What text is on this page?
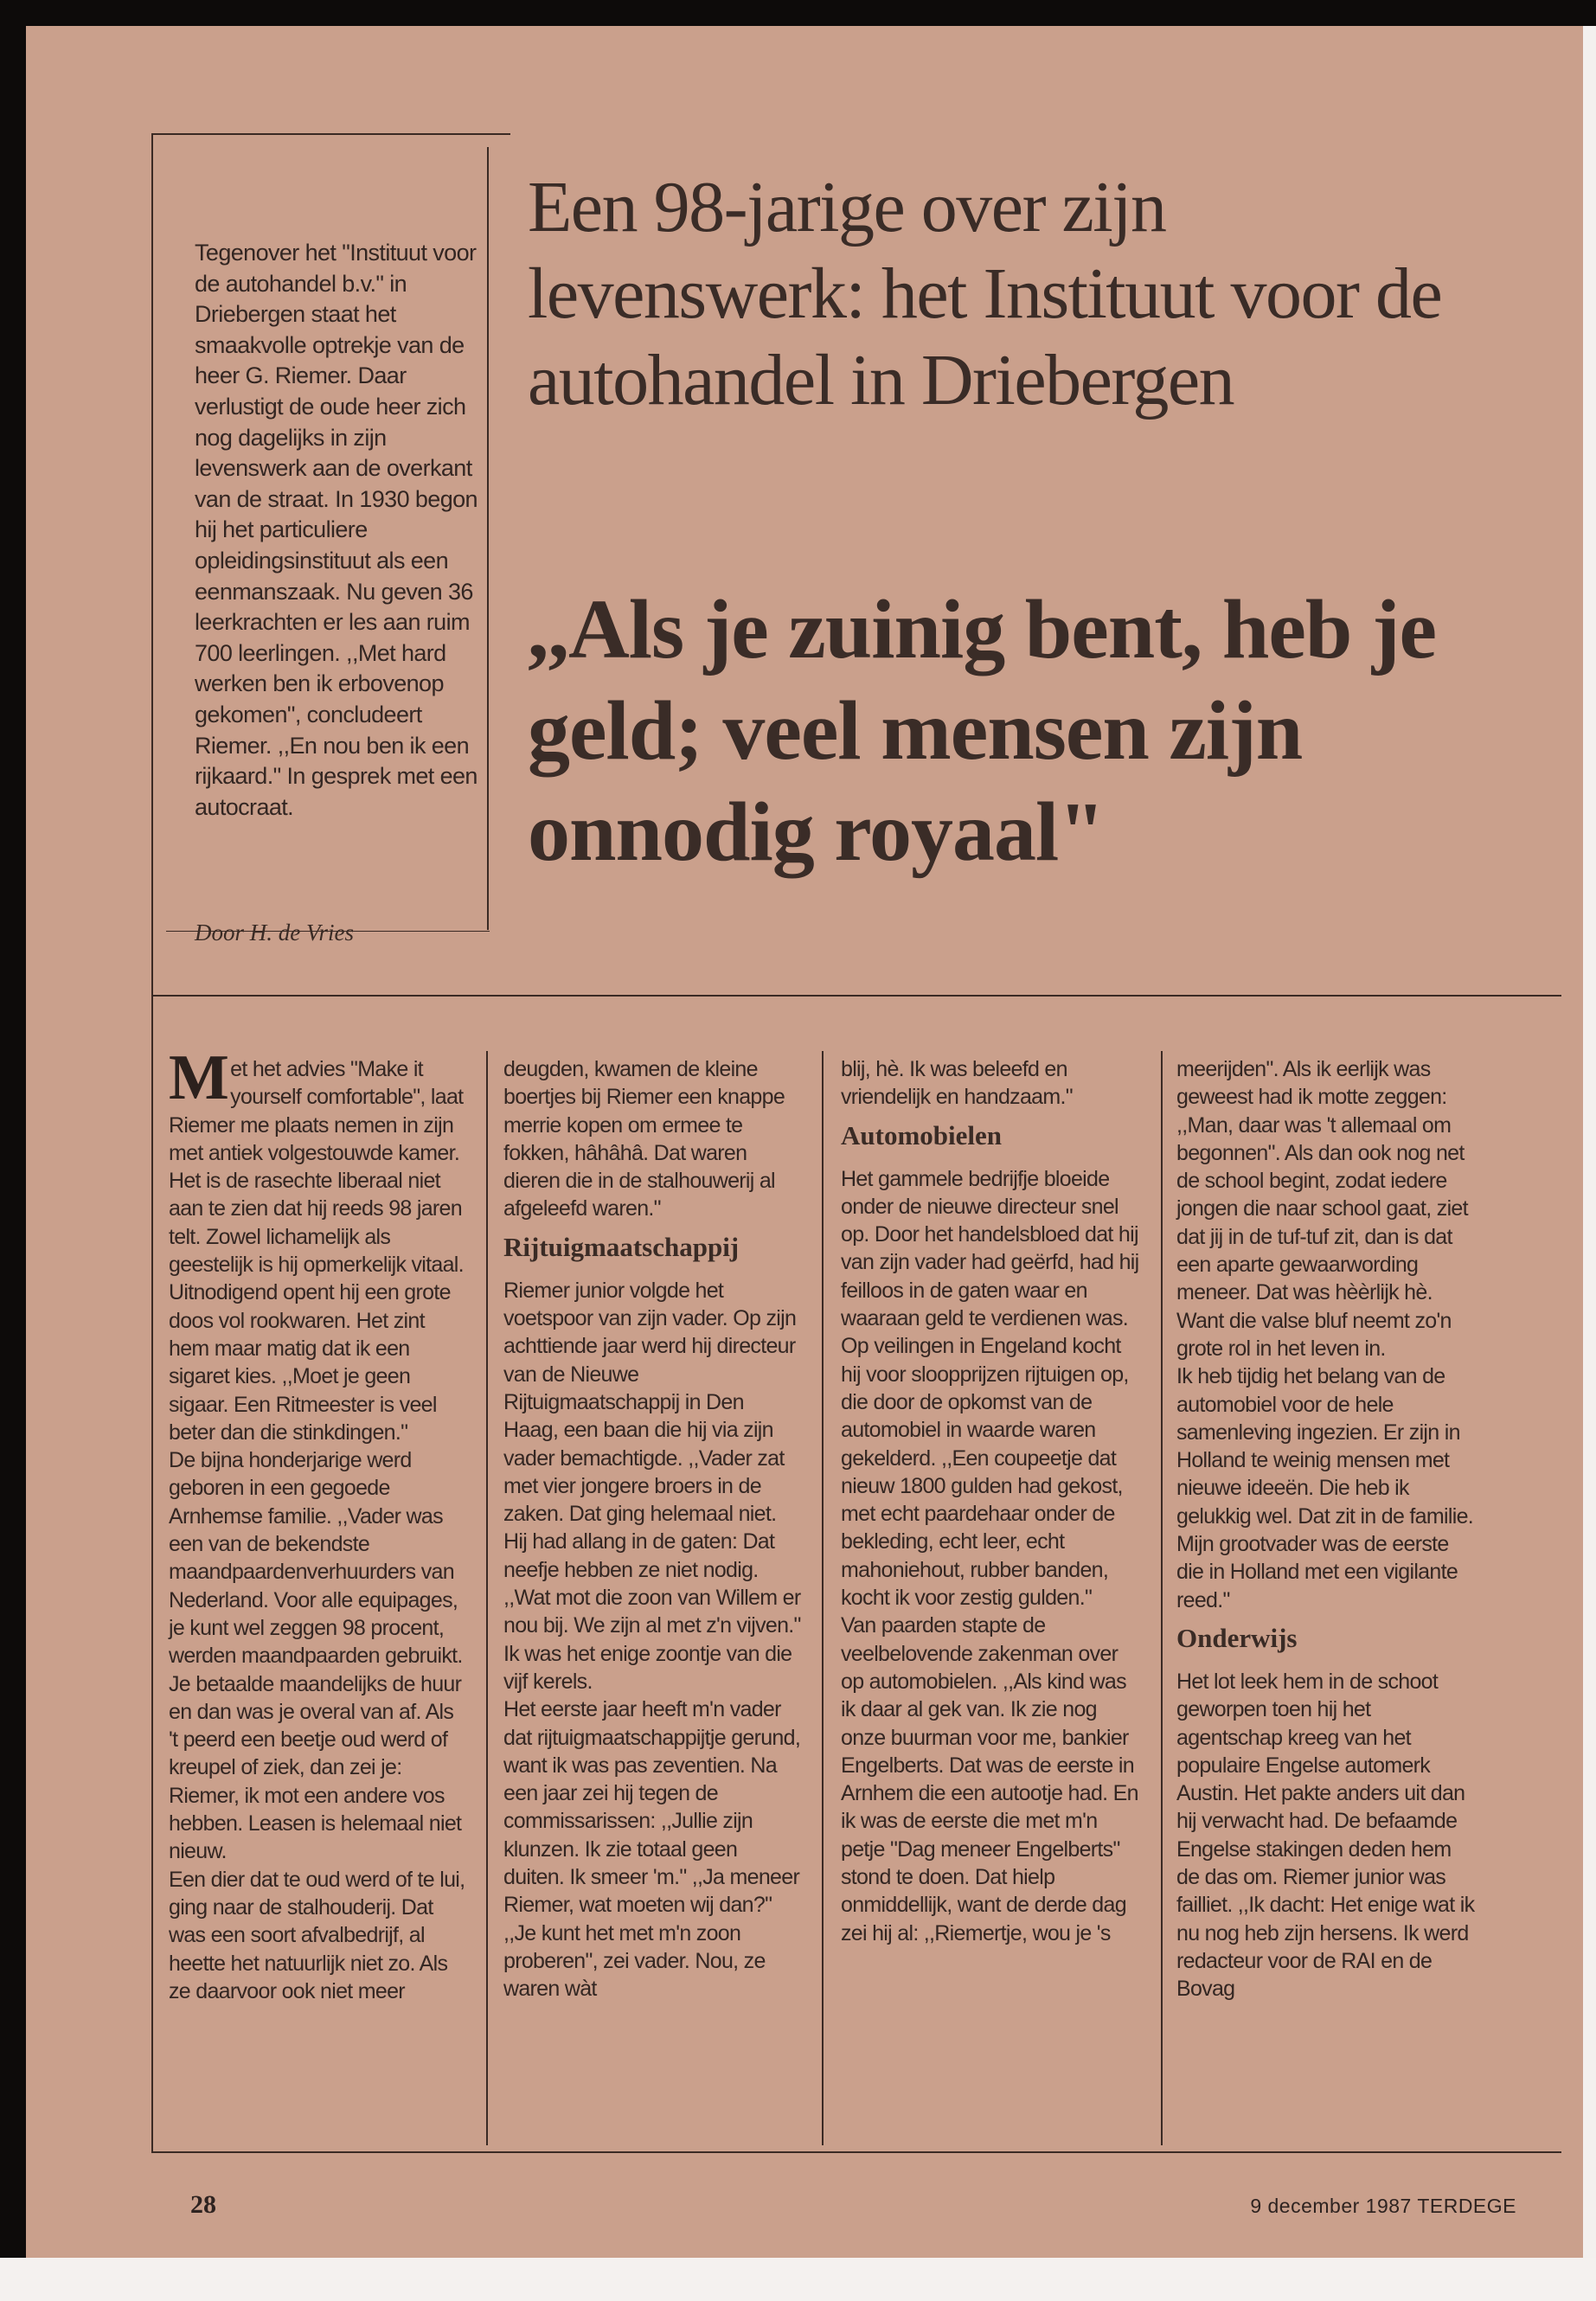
Tegenover het "Instituut voor de autohandel b.v." in Driebergen staat het smaakvolle optrekje van de heer G. Riemer. Daar verlustigt de oude heer zich nog dagelijks in zijn levenswerk aan de overkant van de straat. In 1930 begon hij het particuliere opleidingsinstituut als een eenmanszaak. Nu geven 36 leerkrachten er les aan ruim 700 leerlingen. ,,Met hard werken ben ik erbovenop gekomen", concludeert Riemer. ,,En nou ben ik een rijkaard." In gesprek met een autocraat.

Door H. de Vries
Een 98-jarige over zijn levenswerk: het Instituut voor de autohandel in Driebergen
,,Als je zuinig bent, heb je geld; veel mensen zijn onnodig royaal"

Met het advies "Make it yourself comfortable", laat Riemer me plaats nemen in zijn met antiek volgestouwde kamer. Het is de rasechte liberaal niet aan te zien dat hij reeds 98 jaren telt. Zowel lichamelijk als geestelijk is hij opmerkelijk vitaal. Uitnodigend opent hij een grote doos vol rookwaren. Het zint hem maar matig dat ik een sigaret kies. ,,Moet je geen sigaar. Een Ritmeester is veel beter dan die stinkdingen."

De bijna honderjarige werd geboren in een gegoede Arnhemse familie. ,,Vader was een van de bekendste maandpaardenverhuurders van Nederland. Voor alle equipages, je kunt wel zeggen 98 procent, werden maandpaarden gebruikt. Je betaalde maandelijks de huur en dan was je overal van af. Als 't peerd een beetje oud werd of kreupel of ziek, dan zei je: Riemer, ik mot een andere vos hebben. Leasen is helemaal niet nieuw.

Een dier dat te oud werd of te lui, ging naar de stalhouderij. Dat was een soort afvalbedrijf, al heette het natuurlijk niet zo. Als ze daarvoor ook niet meer

deugden, kwamen de kleine boertjes bij Riemer een knappe merrie kopen om ermee te fokken, hâhâhâ. Dat waren dieren die in de stalhouwerij al afgeleefd waren."

Rijtuigmaatschappij

Riemer junior volgde het voetspoor van zijn vader. Op zijn achttiende jaar werd hij directeur van de Nieuwe Rijtuigmaatschappij in Den Haag, een baan die hij via zijn vader bemachtigde. ,,Vader zat met vier jongere broers in de zaken. Dat ging helemaal niet. Hij had allang in de gaten: Dat neefje hebben ze niet nodig. ,,Wat mot die zoon van Willem er nou bij. We zijn al met z'n vijven." Ik was het enige zoontje van die vijf kerels.

Het eerste jaar heeft m'n vader dat rijtuigmaatschappijtje gerund, want ik was pas zeventien. Na een jaar zei hij tegen de commissarissen: ,,Jullie zijn klunzen. Ik zie totaal geen duiten. Ik smeer 'm." ,,Ja meneer Riemer, wat moeten wij dan?" ,,Je kunt het met m'n zoon proberen", zei vader. Nou, ze waren wàt

blij, hè. Ik was beleefd en vriendelijk en handzaam."

Automobielen

Het gammele bedrijfje bloeide onder de nieuwe directeur snel op. Door het handelsbloed dat hij van zijn vader had geërfd, had hij feilloos in de gaten waar en waaraan geld te verdienen was. Op veilingen in Engeland kocht hij voor sloopprijzen rijtuigen op, die door de opkomst van de automobiel in waarde waren gekelderd. ,,Een coupeetje dat nieuw 1800 gulden had gekost, met echt paardehaar onder de bekleding, echt leer, echt mahoniehout, rubber banden, kocht ik voor zestig gulden."

Van paarden stapte de veelbelovende zakenman over op automobielen. ,,Als kind was ik daar al gek van. Ik zie nog onze buurman voor me, bankier Engelberts. Dat was de eerste in Arnhem die een autootje had. En ik was de eerste die met m'n petje "Dag meneer Engelberts" stond te doen. Dat hielp onmiddellijk, want de derde dag zei hij al: ,,Riemertje, wou je 's

meerijden". Als ik eerlijk was geweest had ik motte zeggen: ,,Man, daar was 't allemaal om begonnen". Als dan ook nog net de school begint, zodat iedere jongen die naar school gaat, ziet dat jij in de tuf-tuf zit, dan is dat een aparte gewaarwording meneer. Dat was hèèrlijk hè. Want die valse bluf neemt zo'n grote rol in het leven in.

Ik heb tijdig het belang van de automobiel voor de hele samenleving ingezien. Er zijn in Holland te weinig mensen met nieuwe ideeën. Die heb ik gelukkig wel. Dat zit in de familie. Mijn grootvader was de eerste die in Holland met een vigilante reed."

Onderwijs

Het lot leek hem in de schoot geworpen toen hij het agentschap kreeg van het populaire Engelse automerk Austin. Het pakte anders uit dan hij verwacht had. De befaamde Engelse stakingen deden hem de das om. Riemer junior was failliet. ,,Ik dacht: Het enige wat ik nu nog heb zijn hersens. Ik werd redacteur voor de RAI en de Bovag

28	9 december 1987 TERDEGE
